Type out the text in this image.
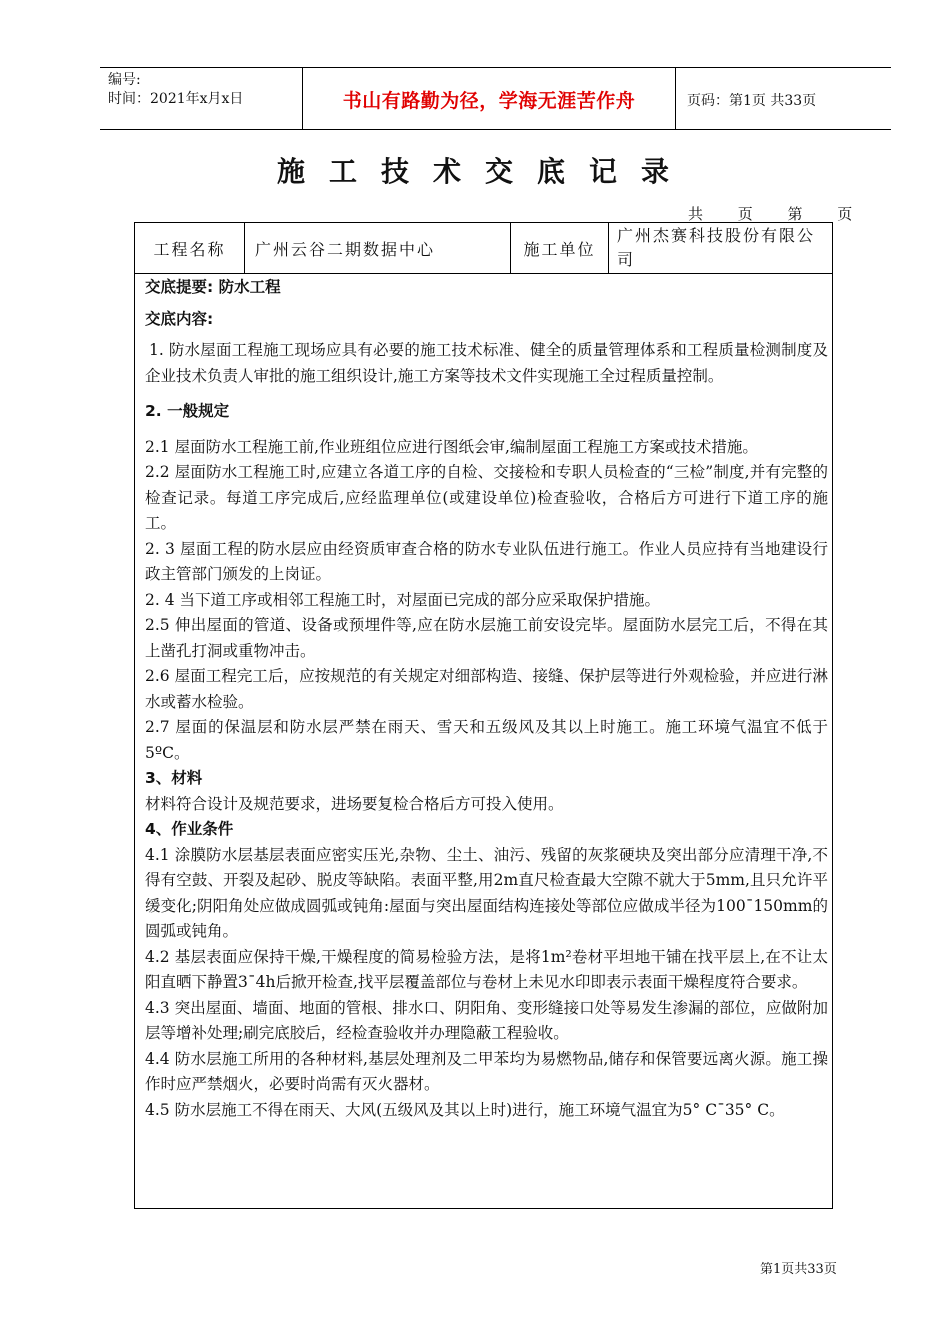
编号:
时间：2021年x月x日	书山有路勤为径，学海无涯苦作舟	页码：第1页 共33页
施工技术交底记录
共 页 第 页
工程名称	广州云谷二期数据中心	施工单位
广州杰赛科技股份有限公司

交底提要: 防水工程

交底内容:

1. 防水屋面工程施工现场应具有必要的施工技术标准、健全的质量管理体系和工程质量检测制度及企业技术负责人审批的施工组织设计,施工方案等技术文件实现施工全过程质量控制。

2. 一般规定

2.1 屋面防水工程施工前,作业班组位应进行图纸会审,编制屋面工程施工方案或技术措施。

2.2 屋面防水工程施工时,应建立各道工序的自检、交接检和专职人员检查的“三检”制度,并有完整的检查记录。每道工序完成后,应经监理单位(或建设单位)检查验收，合格后方可进行下道工序的施工。

2. 3 屋面工程的防水层应由经资质审查合格的防水专业队伍进行施工。作业人员应持有当地建设行政主管部门颁发的上岗证。

2. 4 当下道工序或相邻工程施工时，对屋面已完成的部分应采取保护措施。

2.5 伸出屋面的管道、设备或预埋件等,应在防水层施工前安设完毕。屋面防水层完工后，不得在其上凿孔打洞或重物冲击。

2.6 屋面工程完工后，应按规范的有关规定对细部构造、接缝、保护层等进行外观检验，并应进行淋水或蓄水检验。

2.7 屋面的保温层和防水层严禁在雨天、雪天和五级风及其以上时施工。施工环境气温宜不低于5ºC。

3、材料

材料符合设计及规范要求，进场要复检合格后方可投入使用。

4、作业条件

4.1 涂膜防水层基层表面应密实压光,杂物、尘土、油污、残留的灰浆硬块及突出部分应清理干净,不得有空鼓、开裂及起砂、脱皮等缺陷。表面平整,用2m直尺检查最大空隙不就大于5mm,且只允许平缓变化;阴阳角处应做成圆弧或钝角:屋面与突出屋面结构连接处等部位应做成半径为100¯150mm的圆弧或钝角。

4.2 基层表面应保持干燥,干燥程度的简易检验方法，是将1m²卷材平坦地干铺在找平层上,在不让太阳直晒下静置3¯4h后掀开检查,找平层覆盖部位与卷材上未见水印即表示表面干燥程度符合要求。

4.3 突出屋面、墙面、地面的管根、排水口、阴阳角、变形缝接口处等易发生渗漏的部位，应做附加层等增补处理;刷完底胶后，经检查验收并办理隐蔽工程验收。

4.4 防水层施工所用的各种材料,基层处理剂及二甲苯均为易燃物品,储存和保管要远离火源。施工操作时应严禁烟火，必要时尚需有灭火器材。

4.5 防水层施工不得在雨天、大风(五级风及其以上时)进行，施工环境气温宜为5° C¯35° C。

第1页共33页
